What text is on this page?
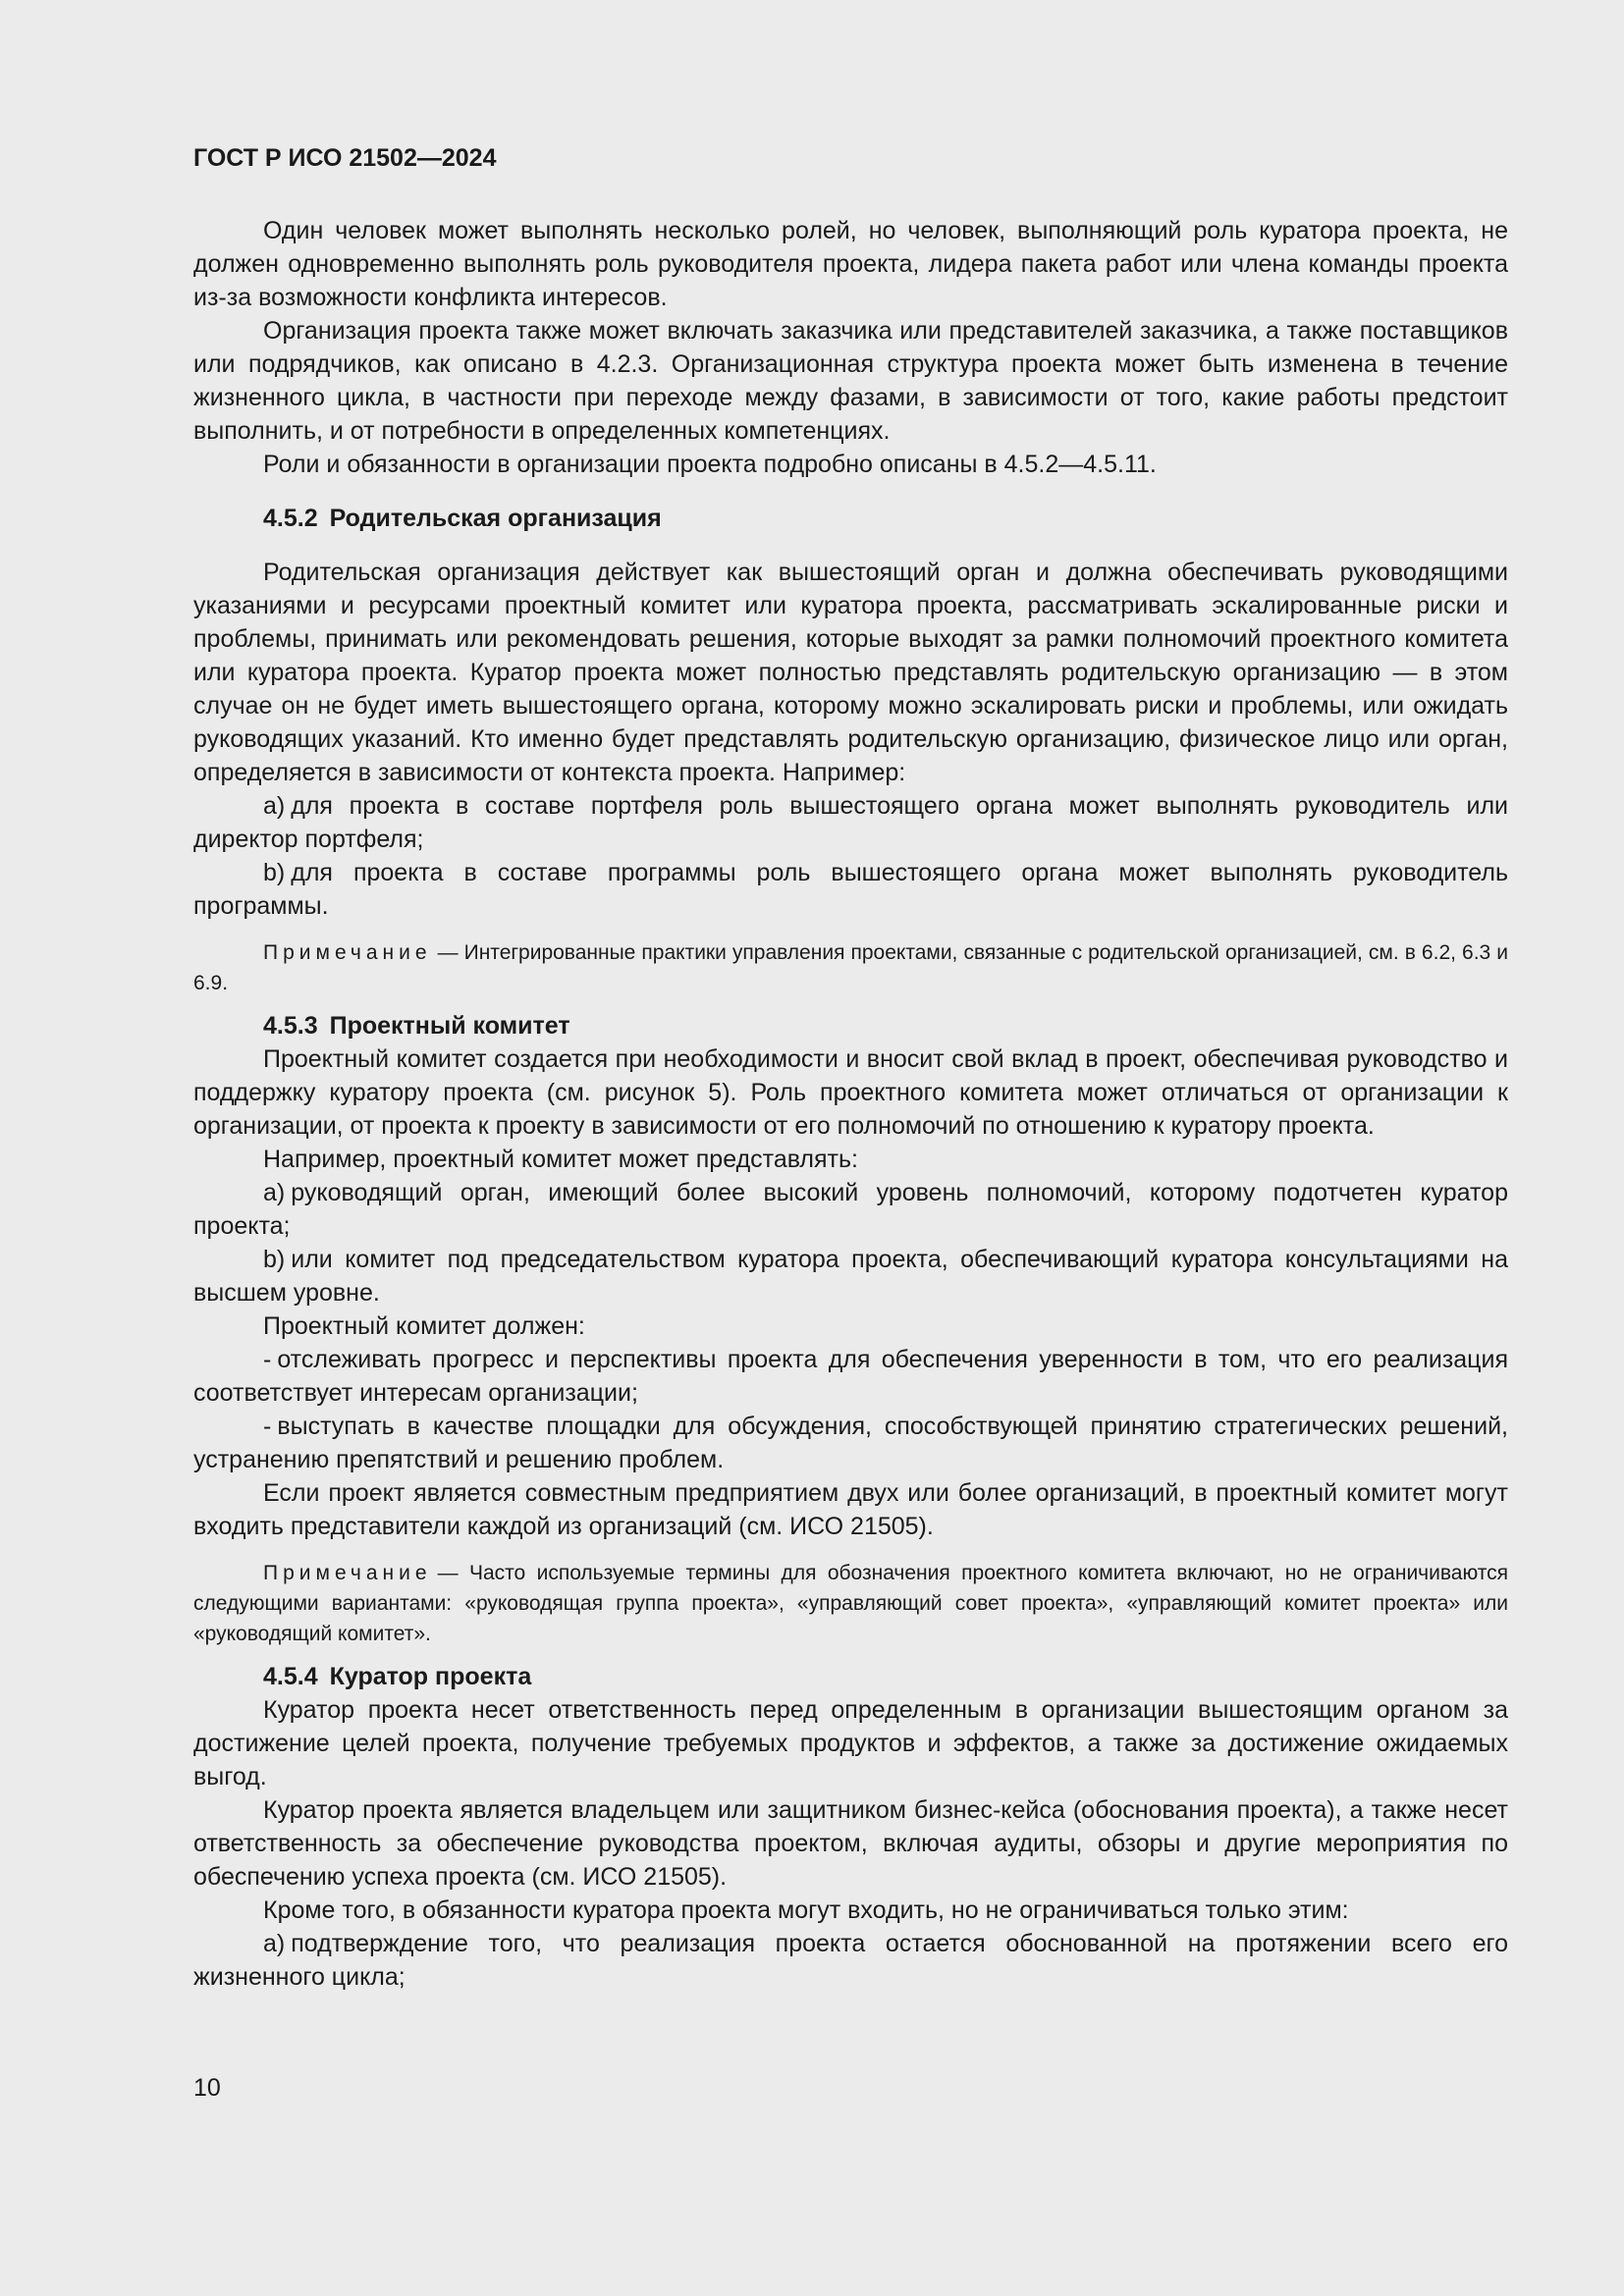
ГОСТ Р ИСО 21502—2024

Один человек может выполнять несколько ролей, но человек, выполняющий роль куратора проекта, не должен одновременно выполнять роль руководителя проекта, лидера пакета работ или члена команды проекта из-за возможности конфликта интересов.

Организация проекта также может включать заказчика или представителей заказчика, а также поставщиков или подрядчиков, как описано в 4.2.3. Организационная структура проекта может быть изменена в течение жизненного цикла, в частности при переходе между фазами, в зависимости от того, какие работы предстоит выполнить, и от потребности в определенных компетенциях.

Роли и обязанности в организации проекта подробно описаны в 4.5.2—4.5.11.

4.5.2 Родительская организация

Родительская организация действует как вышестоящий орган и должна обеспечивать руководящими указаниями и ресурсами проектный комитет или куратора проекта, рассматривать эскалированные риски и проблемы, принимать или рекомендовать решения, которые выходят за рамки полномочий проектного комитета или куратора проекта. Куратор проекта может полностью представлять родительскую организацию — в этом случае он не будет иметь вышестоящего органа, которому можно эскалировать риски и проблемы, или ожидать руководящих указаний. Кто именно будет представлять родительскую организацию, физическое лицо или орган, определяется в зависимости от контекста проекта. Например:

a) для проекта в составе портфеля роль вышестоящего органа может выполнять руководитель или директор портфеля;

b) для проекта в составе программы роль вышестоящего органа может выполнять руководитель программы.

Примечание — Интегрированные практики управления проектами, связанные с родительской организацией, см. в 6.2, 6.3 и 6.9.

4.5.3 Проектный комитет

Проектный комитет создается при необходимости и вносит свой вклад в проект, обеспечивая руководство и поддержку куратору проекта (см. рисунок 5). Роль проектного комитета может отличаться от организации к организации, от проекта к проекту в зависимости от его полномочий по отношению к куратору проекта.

Например, проектный комитет может представлять:

a) руководящий орган, имеющий более высокий уровень полномочий, которому подотчетен куратор проекта;

b) или комитет под председательством куратора проекта, обеспечивающий куратора консультациями на высшем уровне.

Проектный комитет должен:

- отслеживать прогресс и перспективы проекта для обеспечения уверенности в том, что его реализация соответствует интересам организации;

- выступать в качестве площадки для обсуждения, способствующей принятию стратегических решений, устранению препятствий и решению проблем.

Если проект является совместным предприятием двух или более организаций, в проектный комитет могут входить представители каждой из организаций (см. ИСО 21505).

Примечание — Часто используемые термины для обозначения проектного комитета включают, но не ограничиваются следующими вариантами: «руководящая группа проекта», «управляющий совет проекта», «управляющий комитет проекта» или «руководящий комитет».

4.5.4 Куратор проекта

Куратор проекта несет ответственность перед определенным в организации вышестоящим органом за достижение целей проекта, получение требуемых продуктов и эффектов, а также за достижение ожидаемых выгод.

Куратор проекта является владельцем или защитником бизнес-кейса (обоснования проекта), а также несет ответственность за обеспечение руководства проектом, включая аудиты, обзоры и другие мероприятия по обеспечению успеха проекта (см. ИСО 21505).

Кроме того, в обязанности куратора проекта могут входить, но не ограничиваться только этим:

a) подтверждение того, что реализация проекта остается обоснованной на протяжении всего его жизненного цикла;

10
